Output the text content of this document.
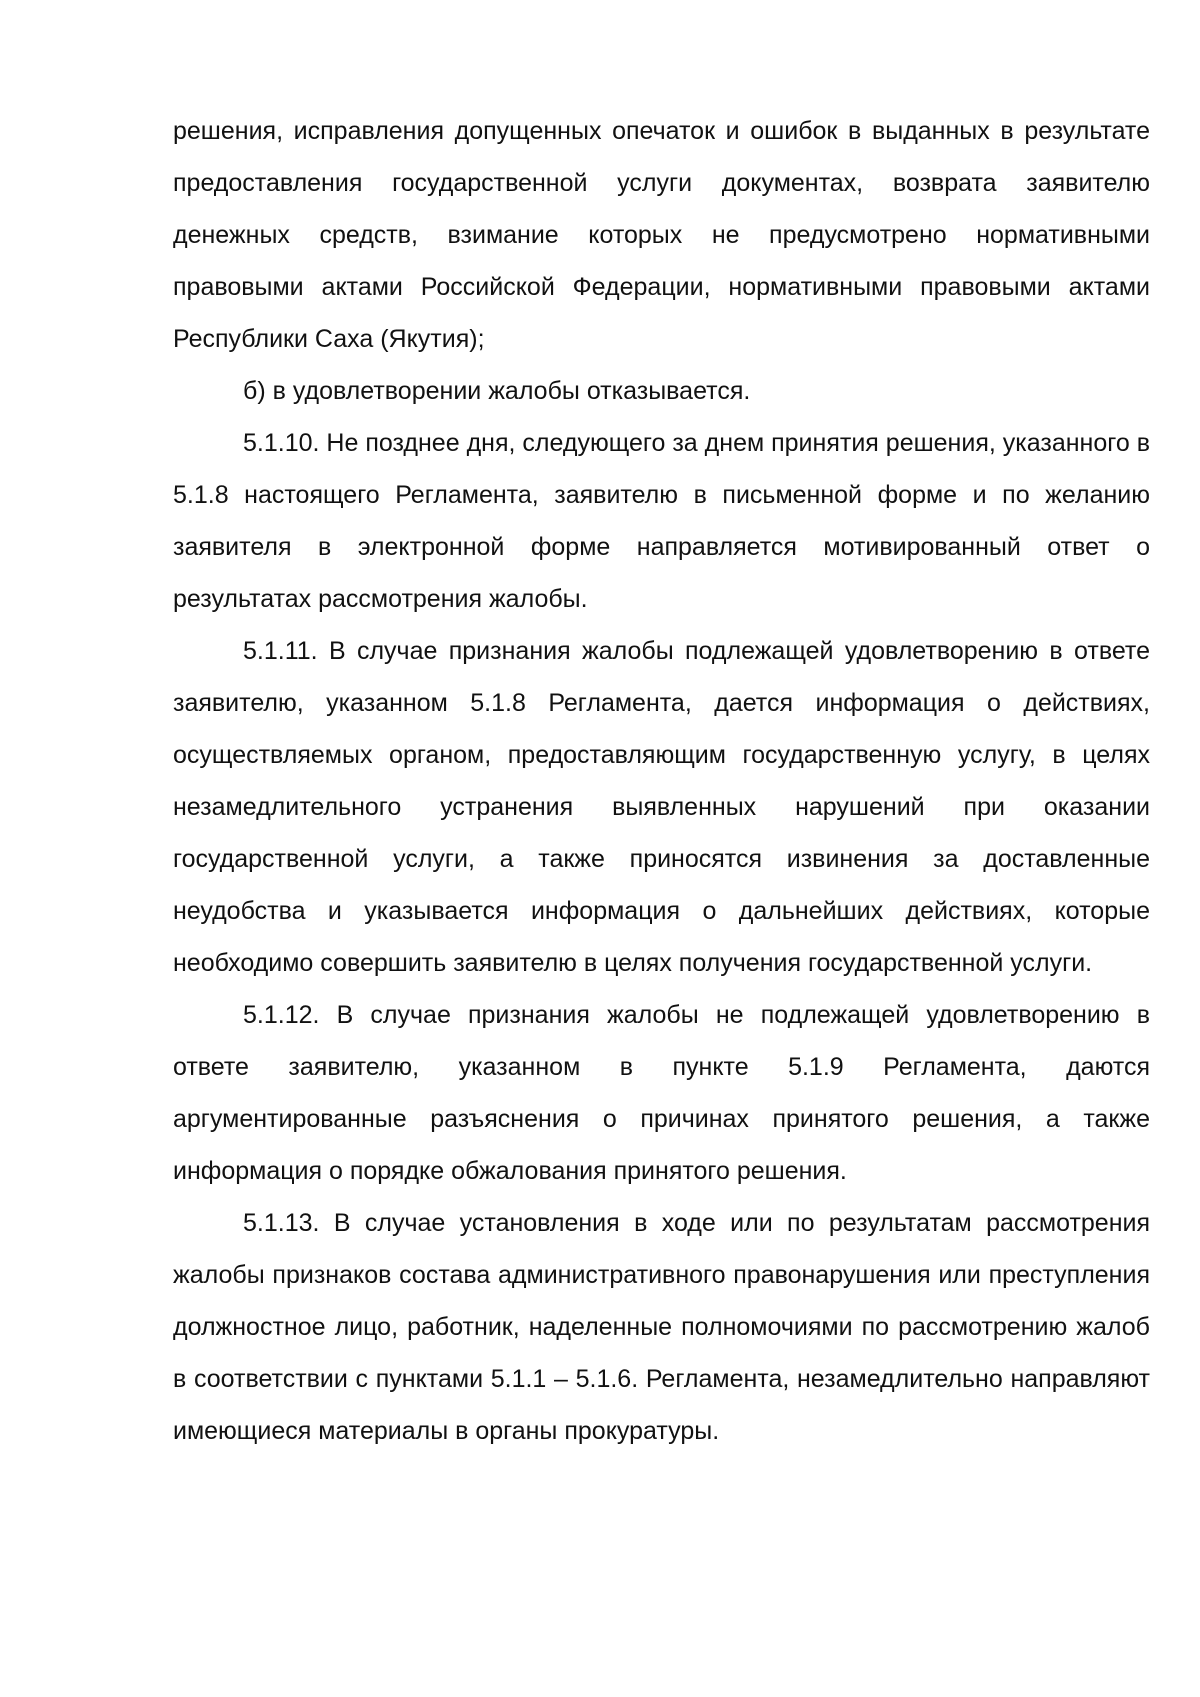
решения, исправления допущенных опечаток и ошибок в выданных в результате предоставления государственной услуги документах, возврата заявителю денежных средств, взимание которых не предусмотрено нормативными правовыми актами Российской Федерации, нормативными правовыми актами Республики Саха (Якутия);

б) в удовлетворении жалобы отказывается.

5.1.10. Не позднее дня, следующего за днем принятия решения, указанного в 5.1.8 настоящего Регламента, заявителю в письменной форме и по желанию заявителя в электронной форме направляется мотивированный ответ о результатах рассмотрения жалобы.

5.1.11. В случае признания жалобы подлежащей удовлетворению в ответе заявителю, указанном 5.1.8 Регламента, дается информация о действиях, осуществляемых органом, предоставляющим государственную услугу, в целях незамедлительного устранения выявленных нарушений при оказании государственной услуги, а также приносятся извинения за доставленные неудобства и указывается информация о дальнейших действиях, которые необходимо совершить заявителю в целях получения государственной услуги.

5.1.12. В случае признания жалобы не подлежащей удовлетворению в ответе заявителю, указанном в пункте 5.1.9 Регламента, даются аргументированные разъяснения о причинах принятого решения, а также информация о порядке обжалования принятого решения.

5.1.13. В случае установления в ходе или по результатам рассмотрения жалобы признаков состава административного правонарушения или преступления должностное лицо, работник, наделенные полномочиями по рассмотрению жалоб в соответствии с пунктами 5.1.1 – 5.1.6. Регламента, незамедлительно направляют имеющиеся материалы в органы прокуратуры.
